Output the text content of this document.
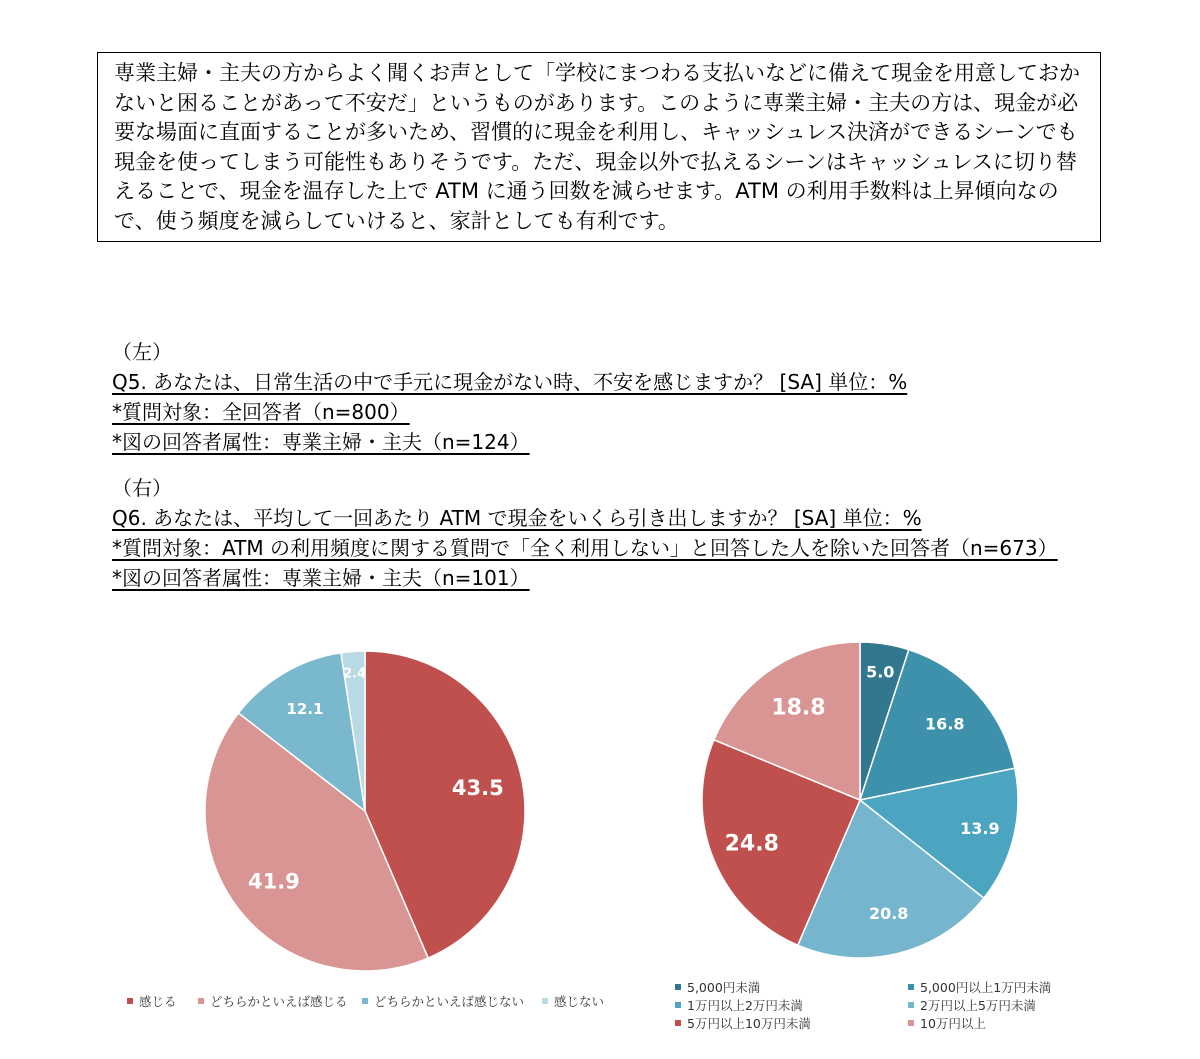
専業主婦・主夫の方からよく聞くお声として「学校にまつわる支払いなどに備えて現金を用意しておかないと困ることがあって不安だ」というものがあります。このように専業主婦・主夫の方は、現金が必要な場面に直面することが多いため、習慣的に現金を利用し、キャッシュレス決済ができるシーンでも現金を使ってしまう可能性もありそうです。ただ、現金以外で払えるシーンはキャッシュレスに切り替えることで、現金を温存した上で ATM に通う回数を減らせます。ATM の利用手数料は上昇傾向なので、使う頻度を減らしていけると、家計としても有利です。

（左）
Q5. あなたは、日常生活の中で手元に現金がない時、不安を感じますか？ [SA] 単位：%
*質問対象：全回答者（n=800）
*図の回答者属性：専業主婦・主夫（n=124）
（右）
Q6. あなたは、平均して一回あたり ATM で現金をいくら引き出しますか？ [SA] 単位：%
*質問対象：ATM の利用頻度に関する質問で「全く利用しない」と回答した人を除いた回答者（n=673）
*図の回答者属性：専業主婦・主夫（n=101）
43.5
41.9
12.1
2.4	5.0
16.8
13.9
20.8
24.8
18.8
感じる	どちらかといえば感じる どちらかといえば感じない 感じない
5,000円未満	5,000円以上1万円未満
1万円以上2万円未満	2万円以上5万円未満
5万円以上10万円未満	10万円以上
